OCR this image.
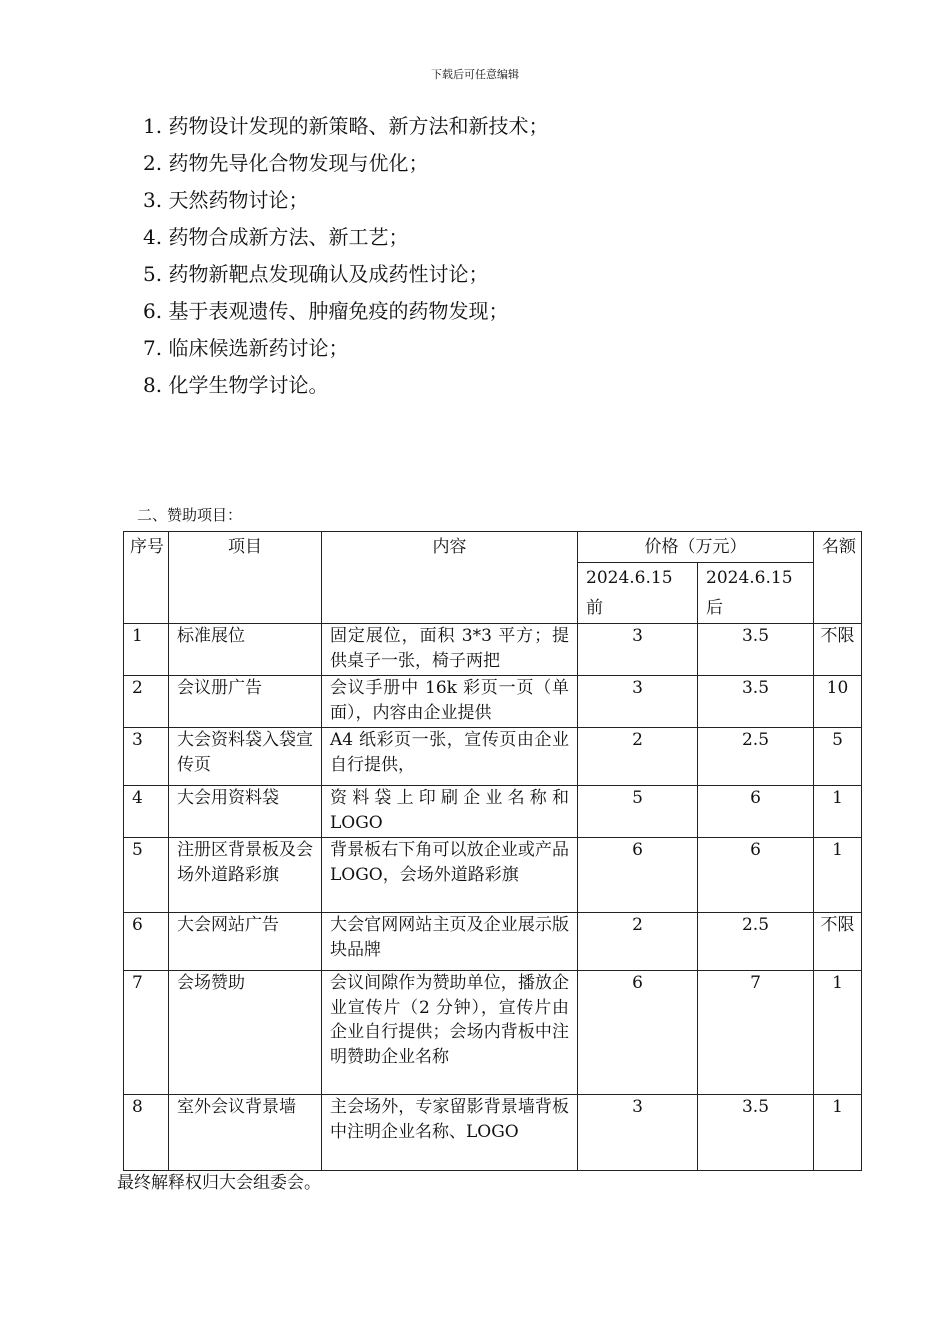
下载后可任意编辑
1. 药物设计发现的新策略、新方法和新技术；
2. 药物先导化合物发现与优化；
3. 天然药物讨论；
4. 药物合成新方法、新工艺；
5. 药物新靶点发现确认及成药性讨论；
6. 基于表观遗传、肿瘤免疫的药物发现；
7. 临床候选新药讨论；
8. 化学生物学讨论。
二、赞助项目：
序号	项目	内容	价格（万元）		名额
			2024.6.15 前	2024.6.15后	
1	标准展位	固定展位，面积 3*3 平方；提供桌子一张，椅子两把	3	3.5	不限
2	会议册广告	会议手册中 16k 彩页一页（单面），内容由企业提供	3	3.5	10
3	大会资料袋入袋宣传页	A4 纸彩页一张，宣传页由企业自行提供，	2	2.5	5
4	大会用资料袋	资料袋上印刷企业名称和 LOGO	5	6	1
5	注册区背景板及会场外道路彩旗	背景板右下角可以放企业或产品 LOGO，会场外道路彩旗	6	6	1
6	大会网站广告	大会官网网站主页及企业展示版块品牌	2	2.5	不限
7	会场赞助	会议间隙作为赞助单位，播放企业宣传片（2 分钟），宣传片由企业自行提供；会场内背板中注明赞助企业名称	6	7	1
8	室外会议背景墙	主会场外，专家留影背景墙背板中注明企业名称、LOGO	3	3.5	1
最终解释权归大会组委会。
